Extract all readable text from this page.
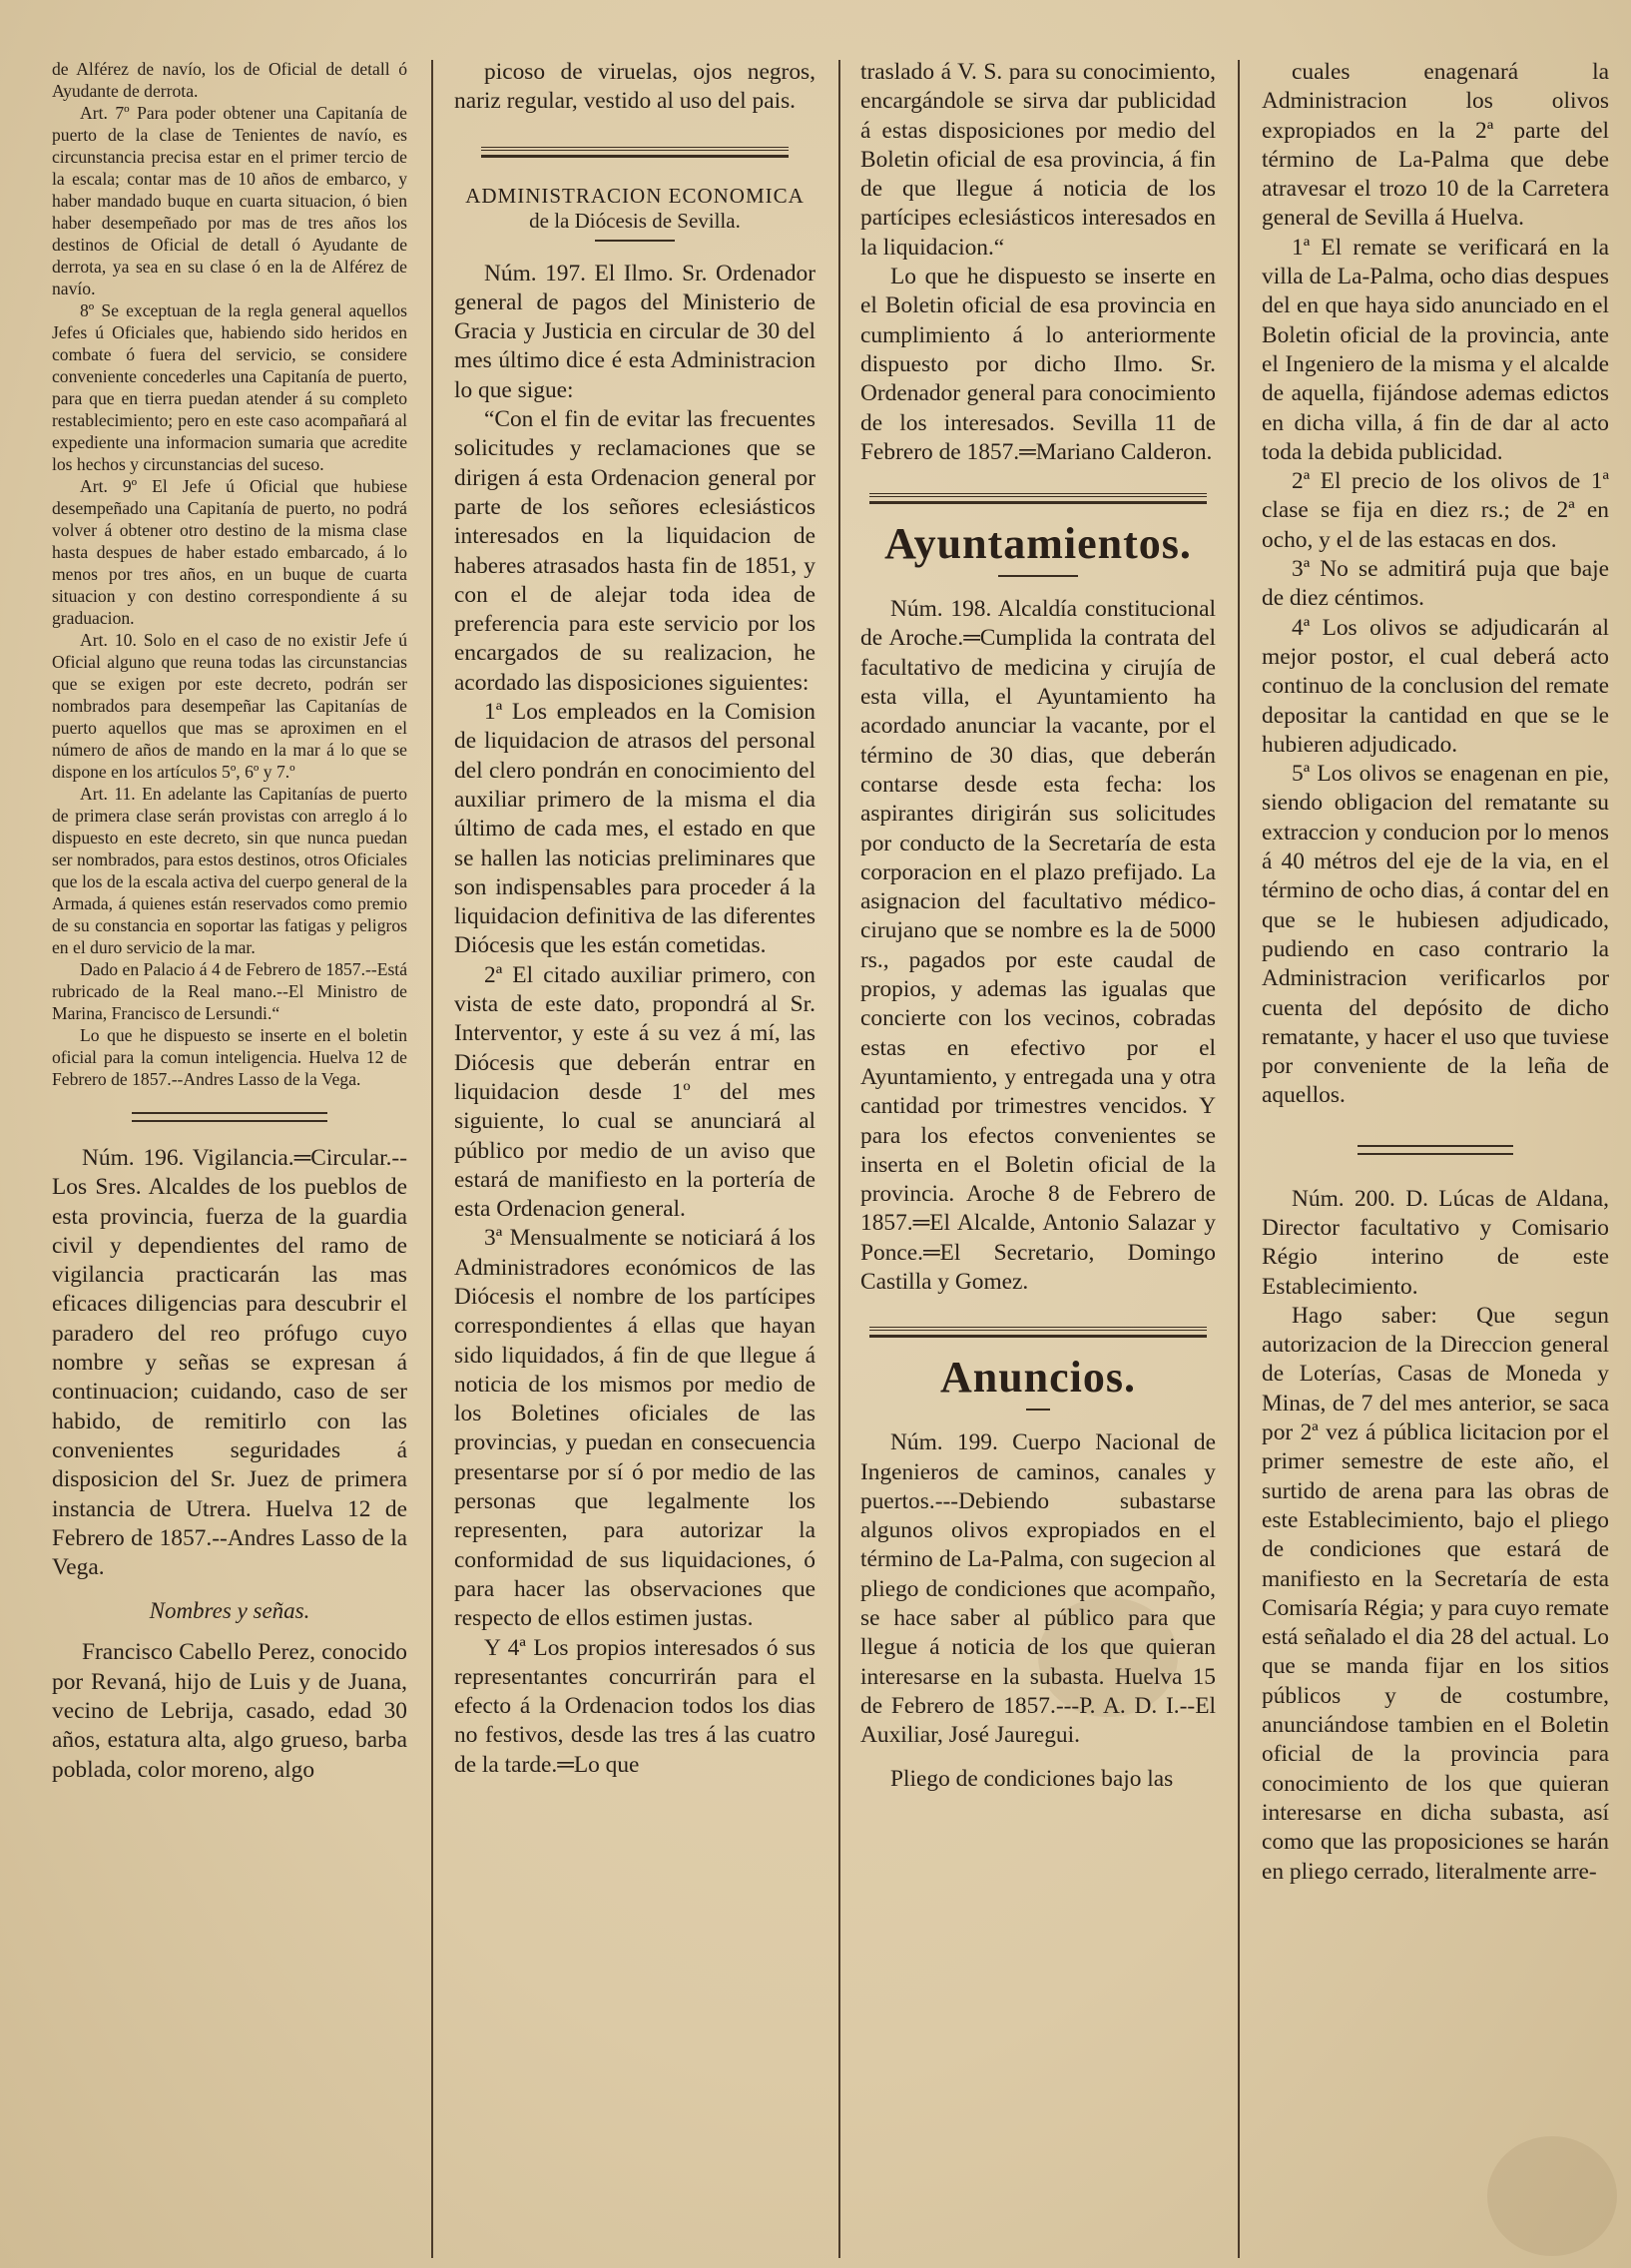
de Alférez de navío, los de Oficial de detall ó Ayudante de derrota.

Art. 7º Para poder obtener una Capitanía de puerto de la clase de Tenientes de navío, es circunstancia precisa estar en el primer tercio de la escala; contar mas de 10 años de embarco, y haber mandado buque en cuarta situacion, ó bien haber desempeñado por mas de tres años los destinos de Oficial de detall ó Ayudante de derrota, ya sea en su clase ó en la de Alférez de navío.

8º Se exceptuan de la regla general aquellos Jefes ú Oficiales que, habiendo sido heridos en combate ó fuera del servicio, se considere conveniente concederles una Capitanía de puerto, para que en tierra puedan atender á su completo restablecimiento; pero en este caso acompañará al expediente una informacion sumaria que acredite los hechos y circunstancias del suceso.

Art. 9º El Jefe ú Oficial que hubiese desempeñado una Capitanía de puerto, no podrá volver á obtener otro destino de la misma clase hasta despues de haber estado embarcado, á lo menos por tres años, en un buque de cuarta situacion y con destino correspondiente á su graduacion.

Art. 10. Solo en el caso de no existir Jefe ú Oficial alguno que reuna todas las circunstancias que se exigen por este decreto, podrán ser nombrados para desempeñar las Capitanías de puerto aquellos que mas se aproximen en el número de años de mando en la mar á lo que se dispone en los artículos 5º, 6º y 7.º

Art. 11. En adelante las Capitanías de puerto de primera clase serán provistas con arreglo á lo dispuesto en este decreto, sin que nunca puedan ser nombrados, para estos destinos, otros Oficiales que los de la escala activa del cuerpo general de la Armada, á quienes están reservados como premio de su constancia en soportar las fatigas y peligros en el duro servicio de la mar.

Dado en Palacio á 4 de Febrero de 1857.--Está rubricado de la Real mano.--El Ministro de Marina, Francisco de Lersundi.“

Lo que he dispuesto se inserte en el boletin oficial para la comun inteligencia. Huelva 12 de Febrero de 1857.--Andres Lasso de la Vega.

Núm. 196. Vigilancia.═Circular.--Los Sres. Alcaldes de los pueblos de esta provincia, fuerza de la guardia civil y dependientes del ramo de vigilancia practicarán las mas eficaces diligencias para descubrir el paradero del reo prófugo cuyo nombre y señas se expresan á continuacion; cuidando, caso de ser habido, de remitirlo con las convenientes seguridades á disposicion del Sr. Juez de primera instancia de Utrera. Huelva 12 de Febrero de 1857.--Andres Lasso de la Vega.

Nombres y señas.

Francisco Cabello Perez, conocido por Revaná, hijo de Luis y de Juana, vecino de Lebrija, casado, edad 30 años, estatura alta, algo grueso, barba poblada, color moreno, algo

picoso de viruelas, ojos negros, nariz regular, vestido al uso del pais.

ADMINISTRACION ECONOMICA
de la Diócesis de Sevilla.

Núm. 197. El Ilmo. Sr. Ordenador general de pagos del Ministerio de Gracia y Justicia en circular de 30 del mes último dice é esta Administracion lo que sigue:

“Con el fin de evitar las frecuentes solicitudes y reclamaciones que se dirigen á esta Ordenacion general por parte de los señores eclesiásticos interesados en la liquidacion de haberes atrasados hasta fin de 1851, y con el de alejar toda idea de preferencia para este servicio por los encargados de su realizacion, he acordado las disposiciones siguientes:

1ª Los empleados en la Comision de liquidacion de atrasos del personal del clero pondrán en conocimiento del auxiliar primero de la misma el dia último de cada mes, el estado en que se hallen las noticias preliminares que son indispensables para proceder á la liquidacion definitiva de las diferentes Diócesis que les están cometidas.

2ª El citado auxiliar primero, con vista de este dato, propondrá al Sr. Interventor, y este á su vez á mí, las Diócesis que deberán entrar en liquidacion desde 1º del mes siguiente, lo cual se anunciará al público por medio de un aviso que estará de manifiesto en la portería de esta Ordenacion general.

3ª Mensualmente se noticiará á los Administradores económicos de las Diócesis el nombre de los partícipes correspondientes á ellas que hayan sido liquidados, á fin de que llegue á noticia de los mismos por medio de los Boletines oficiales de las provincias, y puedan en consecuencia presentarse por sí ó por medio de las personas que legalmente los representen, para autorizar la conformidad de sus liquidaciones, ó para hacer las observaciones que respecto de ellos estimen justas.

Y 4ª Los propios interesados ó sus representantes concurrirán para el efecto á la Ordenacion todos los dias no festivos, desde las tres á las cuatro de la tarde.═Lo que

traslado á V. S. para su conocimiento, encargándole se sirva dar publicidad á estas disposiciones por medio del Boletin oficial de esa provincia, á fin de que llegue á noticia de los partícipes eclesiásticos interesados en la liquidacion.“

Lo que he dispuesto se inserte en el Boletin oficial de esa provincia en cumplimiento á lo anteriormente dispuesto por dicho Ilmo. Sr. Ordenador general para conocimiento de los interesados. Sevilla 11 de Febrero de 1857.═Mariano Calderon.

Ayuntamientos.

Núm. 198. Alcaldía constitucional de Aroche.═Cumplida la contrata del facultativo de medicina y cirujía de esta villa, el Ayuntamiento ha acordado anunciar la vacante, por el término de 30 dias, que deberán contarse desde esta fecha: los aspirantes dirigirán sus solicitudes por conducto de la Secretaría de esta corporacion en el plazo prefijado. La asignacion del facultativo médico-cirujano que se nombre es la de 5000 rs., pagados por este caudal de propios, y ademas las igualas que concierte con los vecinos, cobradas estas en efectivo por el Ayuntamiento, y entregada una y otra cantidad por trimestres vencidos. Y para los efectos convenientes se inserta en el Boletin oficial de la provincia. Aroche 8 de Febrero de 1857.═El Alcalde, Antonio Salazar y Ponce.═El Secretario, Domingo Castilla y Gomez.

Anuncios.

Núm. 199. Cuerpo Nacional de Ingenieros de caminos, canales y puertos.---Debiendo subastarse algunos olivos expropiados en el término de La-Palma, con sugecion al pliego de condiciones que acompaño, se hace saber al público para que llegue á noticia de los que quieran interesarse en la subasta. Huelva 15 de Febrero de 1857.---P. A. D. I.--El Auxiliar, José Jauregui.

Pliego de condiciones bajo las

cuales enagenará la Administracion los olivos expropiados en la 2ª parte del término de La-Palma que debe atravesar el trozo 10 de la Carretera general de Sevilla á Huelva.

1ª El remate se verificará en la villa de La-Palma, ocho dias despues del en que haya sido anunciado en el Boletin oficial de la provincia, ante el Ingeniero de la misma y el alcalde de aquella, fijándose ademas edictos en dicha villa, á fin de dar al acto toda la debida publicidad.

2ª El precio de los olivos de 1ª clase se fija en diez rs.; de 2ª en ocho, y el de las estacas en dos.

3ª No se admitirá puja que baje de diez céntimos.

4ª Los olivos se adjudicarán al mejor postor, el cual deberá acto continuo de la conclusion del remate depositar la cantidad en que se le hubieren adjudicado.

5ª Los olivos se enagenan en pie, siendo obligacion del rematante su extraccion y conducion por lo menos á 40 métros del eje de la via, en el término de ocho dias, á contar del en que se le hubiesen adjudicado, pudiendo en caso contrario la Administracion verificarlos por cuenta del depósito de dicho rematante, y hacer el uso que tuviese por conveniente de la leña de aquellos.

Núm. 200. D. Lúcas de Aldana, Director facultativo y Comisario Régio interino de este Establecimiento.

Hago saber: Que segun autorizacion de la Direccion general de Loterías, Casas de Moneda y Minas, de 7 del mes anterior, se saca por 2ª vez á pública licitacion por el primer semestre de este año, el surtido de arena para las obras de este Establecimiento, bajo el pliego de condiciones que estará de manifiesto en la Secretaría de esta Comisaría Régia; y para cuyo remate está señalado el dia 28 del actual. Lo que se manda fijar en los sitios públicos y de costumbre, anunciándose tambien en el Boletin oficial de la provincia para conocimiento de los que quieran interesarse en dicha subasta, así como que las proposiciones se harán en pliego cerrado, literalmente arre-
